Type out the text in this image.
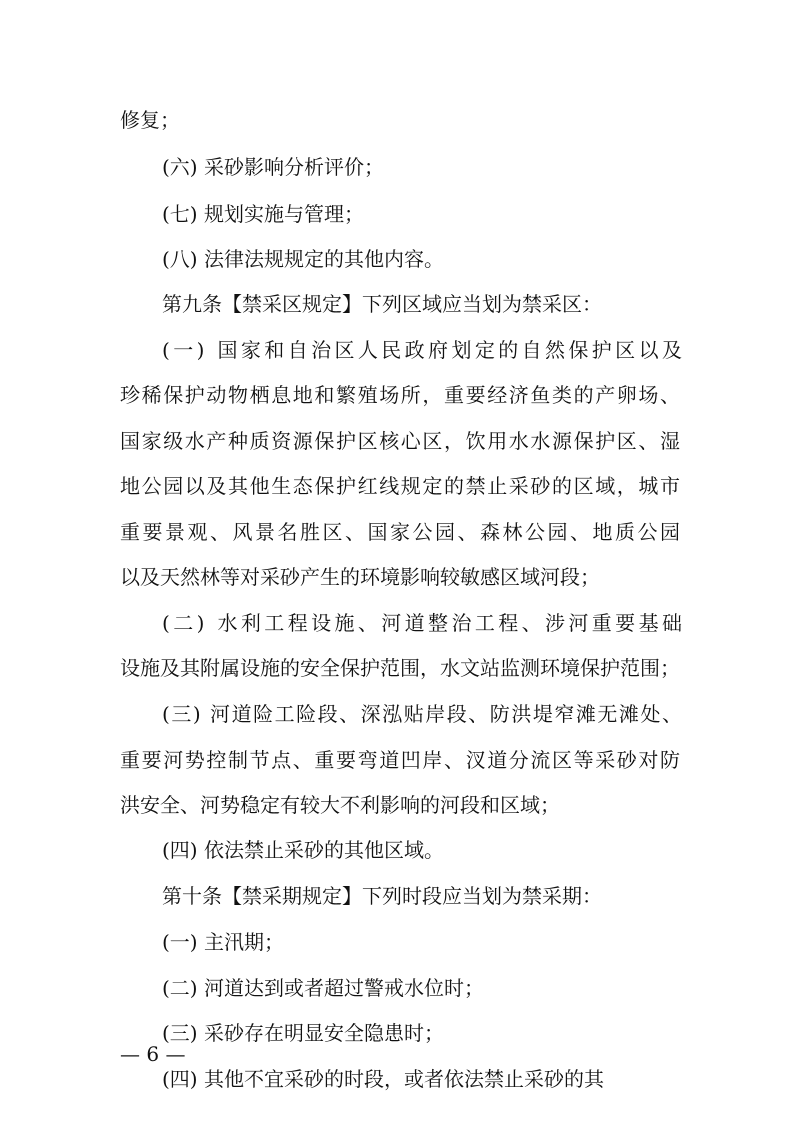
修复；
(六) 采砂影响分析评价；
(七) 规划实施与管理；
(八) 法律法规规定的其他内容。
第九条【禁采区规定】下列区域应当划为禁采区：
(一) 国家和自治区人民政府划定的自然保护区以及
珍稀保护动物栖息地和繁殖场所，重要经济鱼类的产卵场、
国家级水产种质资源保护区核心区，饮用水水源保护区、湿
地公园以及其他生态保护红线规定的禁止采砂的区域，城市
重要景观、风景名胜区、国家公园、森林公园、地质公园
以及天然林等对采砂产生的环境影响较敏感区域河段；
(二) 水利工程设施、河道整治工程、涉河重要基础
设施及其附属设施的安全保护范围，水文站监测环境保护范围；
(三) 河道险工险段、深泓贴岸段、防洪堤窄滩无滩处、
重要河势控制节点、重要弯道凹岸、汊道分流区等采砂对防
洪安全、河势稳定有较大不利影响的河段和区域；
(四) 依法禁止采砂的其他区域。
第十条【禁采期规定】下列时段应当划为禁采期：
(一) 主汛期；
(二) 河道达到或者超过警戒水位时；
(三) 采砂存在明显安全隐患时；
(四) 其他不宜采砂的时段，或者依法禁止采砂的其
— 6 —
